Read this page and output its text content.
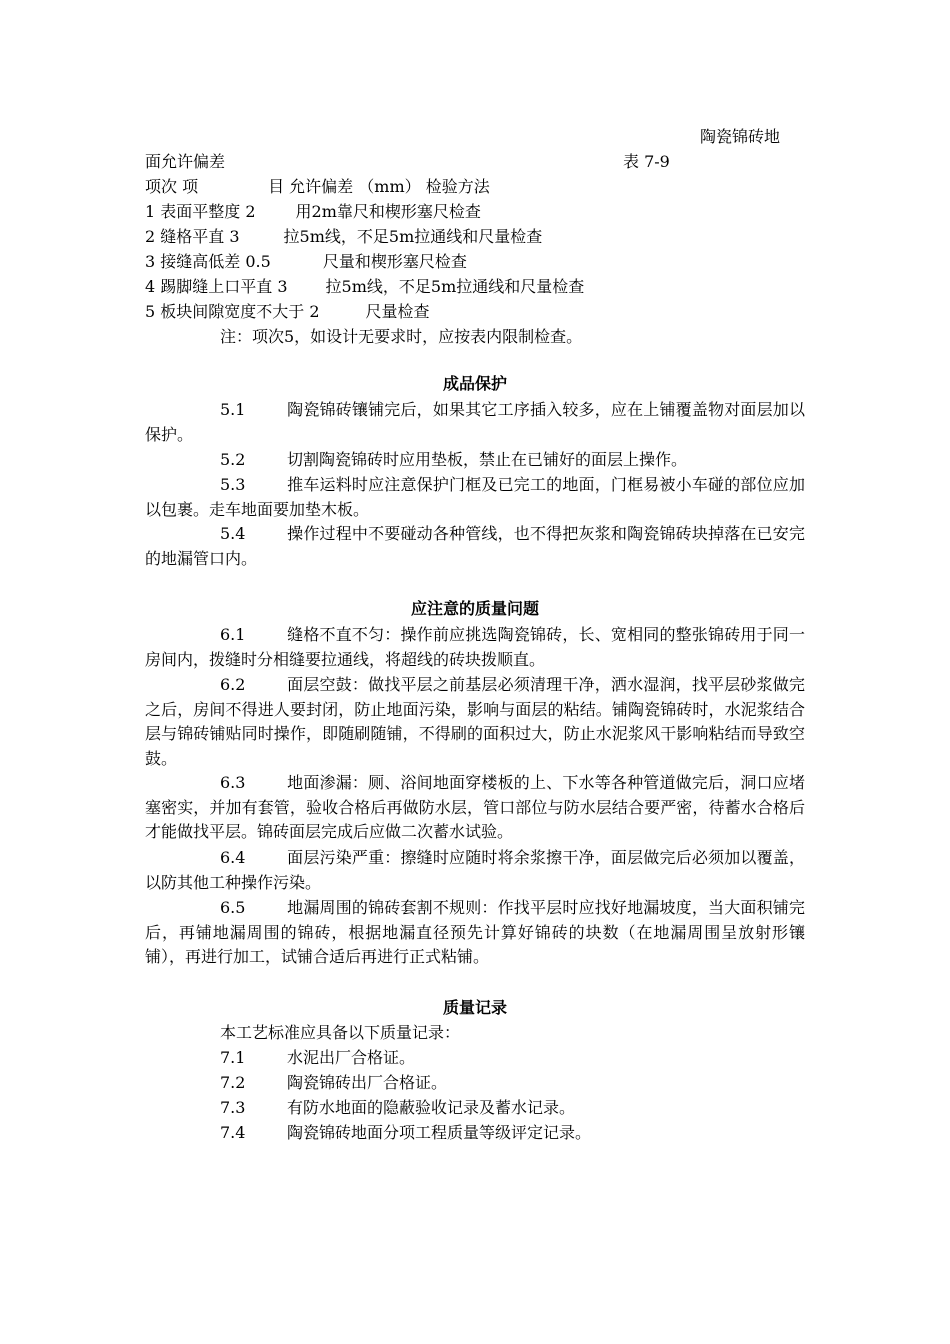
陶瓷锦砖地
面允许偏差	表 7-9
项次 项	目 允许偏差 （mm） 检验方法
1 表面平整度 2	用2m靠尺和楔形塞尺检查
2 缝格平直 3	拉5m线，不足5m拉通线和尺量检查
3 接缝高低差 0.5	尺量和楔形塞尺检查
4 踢脚缝上口平直 3 拉5m线，不足5m拉通线和尺量检查
5 板块间隙宽度不大于 2	尺量检查
注：项次5，如设计无要求时，应按表内限制检查。
成品保护
5.1	陶瓷锦砖镶铺完后，如果其它工序插入较多，应在上铺覆盖物对面层加以保护。
5.2	切割陶瓷锦砖时应用垫板，禁止在已铺好的面层上操作。
5.3	推车运料时应注意保护门框及已完工的地面，门框易被小车碰的部位应加以包裹。走车地面要加垫木板。
5.4	操作过程中不要碰动各种管线，也不得把灰浆和陶瓷锦砖块掉落在已安完的地漏管口内。
应注意的质量问题
6.1	缝格不直不匀：操作前应挑选陶瓷锦砖，长、宽相同的整张锦砖用于同一房间内，拨缝时分相缝要拉通线，将超线的砖块拨顺直。
6.2	面层空鼓：做找平层之前基层必须清理干净，洒水湿润，找平层砂浆做完之后，房间不得进人要封闭，防止地面污染，影响与面层的粘结。铺陶瓷锦砖时，水泥浆结合层与锦砖铺贴同时操作，即随刷随铺，不得刷的面积过大，防止水泥浆风干影响粘结而导致空鼓。
6.3	地面渗漏：厕、浴间地面穿楼板的上、下水等各种管道做完后，洞口应堵塞密实，并加有套管，验收合格后再做防水层，管口部位与防水层结合要严密，待蓄水合格后才能做找平层。锦砖面层完成后应做二次蓄水试验。
6.4	面层污染严重：擦缝时应随时将余浆擦干净，面层做完后必须加以覆盖，以防其他工种操作污染。
6.5	地漏周围的锦砖套割不规则：作找平层时应找好地漏坡度，当大面积铺完后，再铺地漏周围的锦砖，根据地漏直径预先计算好锦砖的块数（在地漏周围呈放射形镶铺），再进行加工，试铺合适后再进行正式粘铺。
质量记录
本工艺标准应具备以下质量记录：
7.1	水泥出厂合格证。
7.2	陶瓷锦砖出厂合格证。
7.3	有防水地面的隐蔽验收记录及蓄水记录。
7.4	陶瓷锦砖地面分项工程质量等级评定记录。
